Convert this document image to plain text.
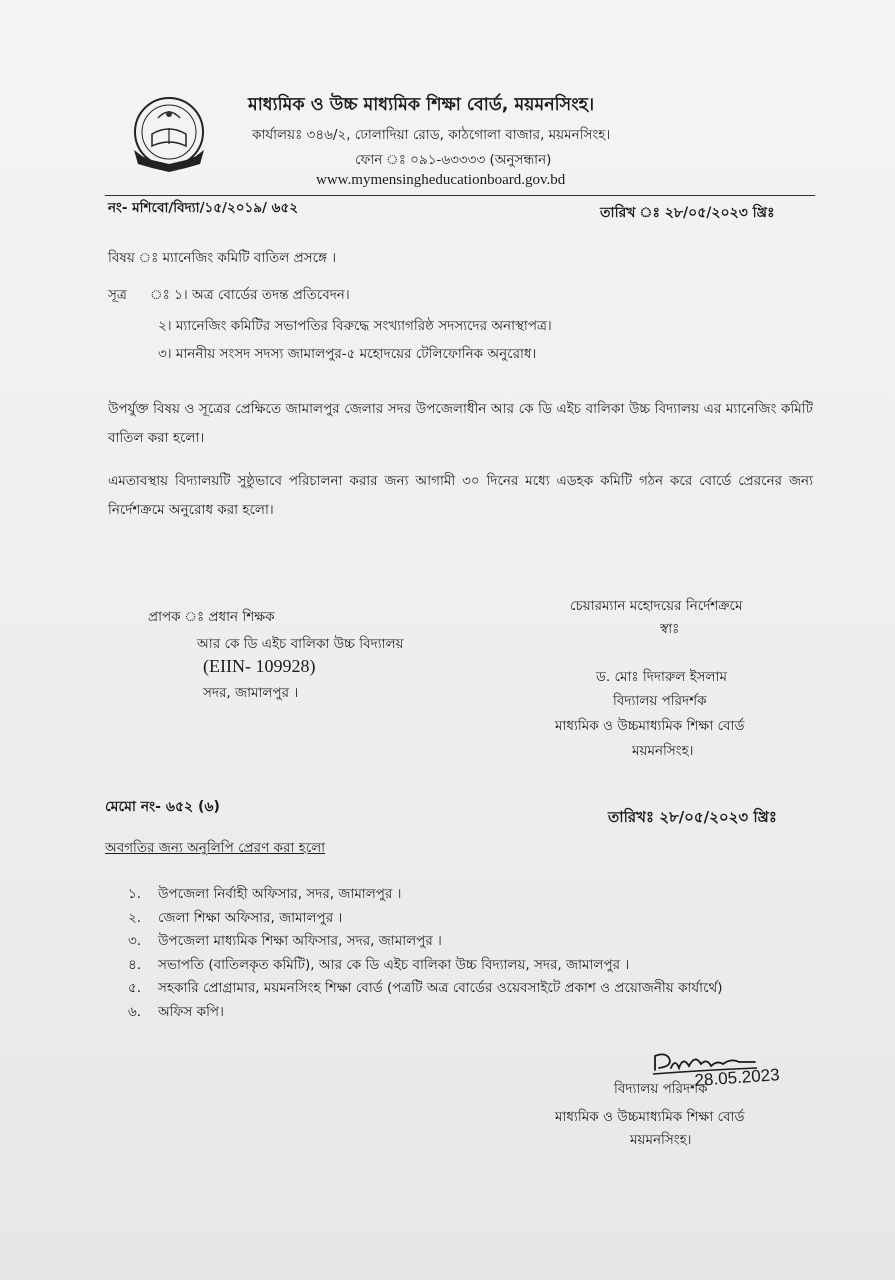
মাধ্যমিক ও উচ্চ মাধ্যমিক শিক্ষা বোর্ড, ময়মনসিংহ।
কার্যালয়ঃ ৩৪৬/২, ঢোলাদিয়া রোড, কাঠগোলা বাজার, ময়মনসিংহ।
ফোন ঃ ০৯১-৬৩৩৩৩ (অনুসন্ধান)
www.mymensingheducationboard.gov.bd
নং- মশিবো/বিদ্যা/১৫/২০১৯/ ৬৫২	তারিখ ঃ ২৮/০৫/২০২৩ খ্রিঃ
বিষয় ঃ ম্যানেজিং কমিটি বাতিল প্রসঙ্গে ।
সূত্র ঃ ১। অত্র বোর্ডের তদন্ত প্রতিবেদন।
২। ম্যানেজিং কমিটির সভাপতির বিরুদ্ধে সংখ্যাগরিষ্ঠ সদস্যদের অনাস্থাপত্র।
৩। মাননীয় সংসদ সদস্য জামালপুর-৫ মহোদয়ের টেলিফোনিক অনুরোধ।
উপর্যুক্ত বিষয় ও সূত্রের প্রেক্ষিতে জামালপুর জেলার সদর উপজেলাধীন আর কে ডি এইচ বালিকা উচ্চ বিদ্যালয় এর ম্যানেজিং কমিটি বাতিল করা হলো।
এমতাবস্থায় বিদ্যালয়টি সুষ্ঠুভাবে পরিচালনা করার জন্য আগামী ৩০ দিনের মধ্যে এডহক কমিটি গঠন করে বোর্ডে প্রেরনের জন্য নির্দেশক্রমে অনুরোধ করা হলো।
প্রাপক ঃ প্রধান শিক্ষক
আর কে ডি এইচ বালিকা উচ্চ বিদ্যালয়
(EIIN- 109928)
সদর, জামালপুর ।
চেয়ারম্যান মহোদয়ের নির্দেশক্রমে
স্বাঃ
ড. মোঃ দিদারুল ইসলাম
বিদ্যালয় পরিদর্শক
মাধ্যমিক ও উচ্চমাধ্যমিক শিক্ষা বোর্ড
ময়মনসিংহ।
মেমো নং- ৬৫২ (৬)
তারিখঃ ২৮/০৫/২০২৩ খ্রিঃ
অবগতির জন্য অনুলিপি প্রেরণ করা হলো
১. উপজেলা নির্বাহী অফিসার, সদর, জামালপুর ।
২. জেলা শিক্ষা অফিসার, জামালপুর ।
৩. উপজেলা মাধ্যমিক শিক্ষা অফিসার, সদর, জামালপুর ।
৪. সভাপতি (বাতিলকৃত কমিটি), আর কে ডি এইচ বালিকা উচ্চ বিদ্যালয়, সদর, জামালপুর ।
৫. সহকারি প্রোগ্রামার, ময়মনসিংহ শিক্ষা বোর্ড (পত্রটি অত্র বোর্ডের ওয়েবসাইটে প্রকাশ ও প্রয়োজনীয় কার্যার্থে)
৬. অফিস কপি।
28.05.2023
বিদ্যালয় পরিদর্শক
মাধ্যমিক ও উচ্চমাধ্যমিক শিক্ষা বোর্ড
ময়মনসিংহ।
